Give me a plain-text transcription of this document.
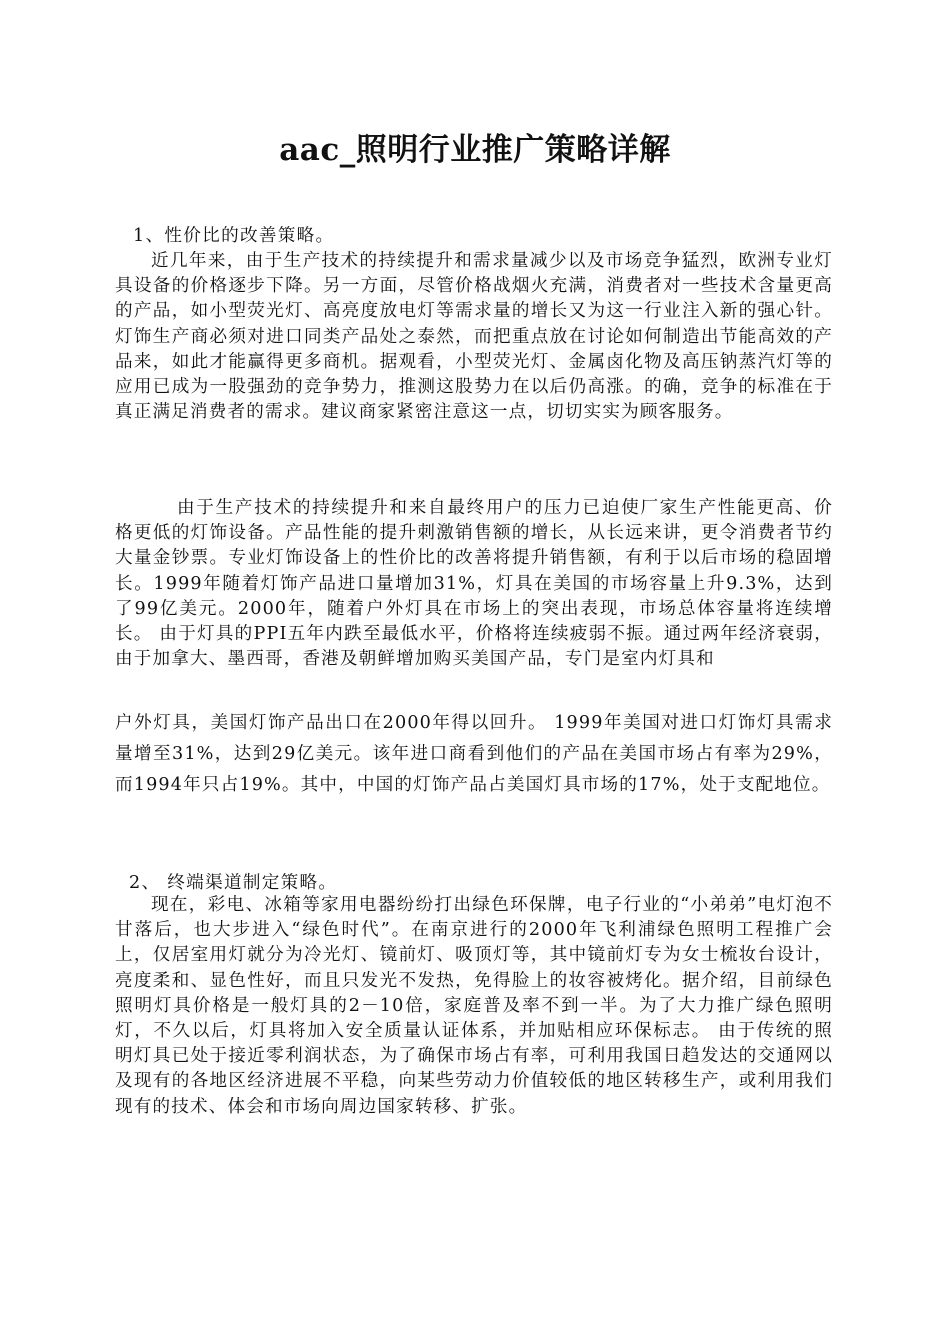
aac_照明行业推广策略详解
1、性价比的改善策略。
近几年来，由于生产技术的持续提升和需求量减少以及市场竞争猛烈，欧洲专业灯具设备的价格逐步下降。另一方面，尽管价格战烟火充满，消费者对一些技术含量更高的产品，如小型荧光灯、高亮度放电灯等需求量的增长又为这一行业注入新的强心针。灯饰生产商必须对进口同类产品处之泰然，而把重点放在讨论如何制造出节能高效的产品来，如此才能赢得更多商机。据观看，小型荧光灯、金属卤化物及高压钠蒸汽灯等的应用已成为一股强劲的竞争势力，推测这股势力在以后仍高涨。的确，竞争的标准在于真正满足消费者的需求。建议商家紧密注意这一点，切切实实为顾客服务。
由于生产技术的持续提升和来自最终用户的压力已迫使厂家生产性能更高、价格更低的灯饰设备。产品性能的提升刺激销售额的增长，从长远来讲，更令消费者节约大量金钞票。专业灯饰设备上的性价比的改善将提升销售额，有利于以后市场的稳固增长。1999年随着灯饰产品进口量增加31%，灯具在美国的市场容量上升9.3%，达到了99亿美元。2000年，随着户外灯具在市场上的突出表现，市场总体容量将连续增长。 由于灯具的PPI五年内跌至最低水平，价格将连续疲弱不振。通过两年经济衰弱，由于加拿大、墨西哥，香港及朝鲜增加购买美国产品，专门是室内灯具和
户外灯具，美国灯饰产品出口在2000年得以回升。 1999年美国对进口灯饰灯具需求量增至31%，达到29亿美元。该年进口商看到他们的产品在美国市场占有率为29%，而1994年只占19%。其中，中国的灯饰产品占美国灯具市场的17%，处于支配地位。
2、 终端渠道制定策略。
现在，彩电、冰箱等家用电器纷纷打出绿色环保牌，电子行业的“小弟弟”电灯泡不甘落后，也大步进入“绿色时代”。在南京进行的2000年飞利浦绿色照明工程推广会上，仅居室用灯就分为冷光灯、镜前灯、吸顶灯等，其中镜前灯专为女士梳妆台设计，亮度柔和、显色性好，而且只发光不发热，免得脸上的妆容被烤化。据介绍，目前绿色照明灯具价格是一般灯具的2－10倍，家庭普及率不到一半。为了大力推广绿色照明灯，不久以后，灯具将加入安全质量认证体系，并加贴相应环保标志。 由于传统的照明灯具已处于接近零利润状态，为了确保市场占有率，可利用我国日趋发达的交通网以及现有的各地区经济进展不平稳，向某些劳动力价值较低的地区转移生产，或利用我们现有的技术、体会和市场向周边国家转移、扩张。
